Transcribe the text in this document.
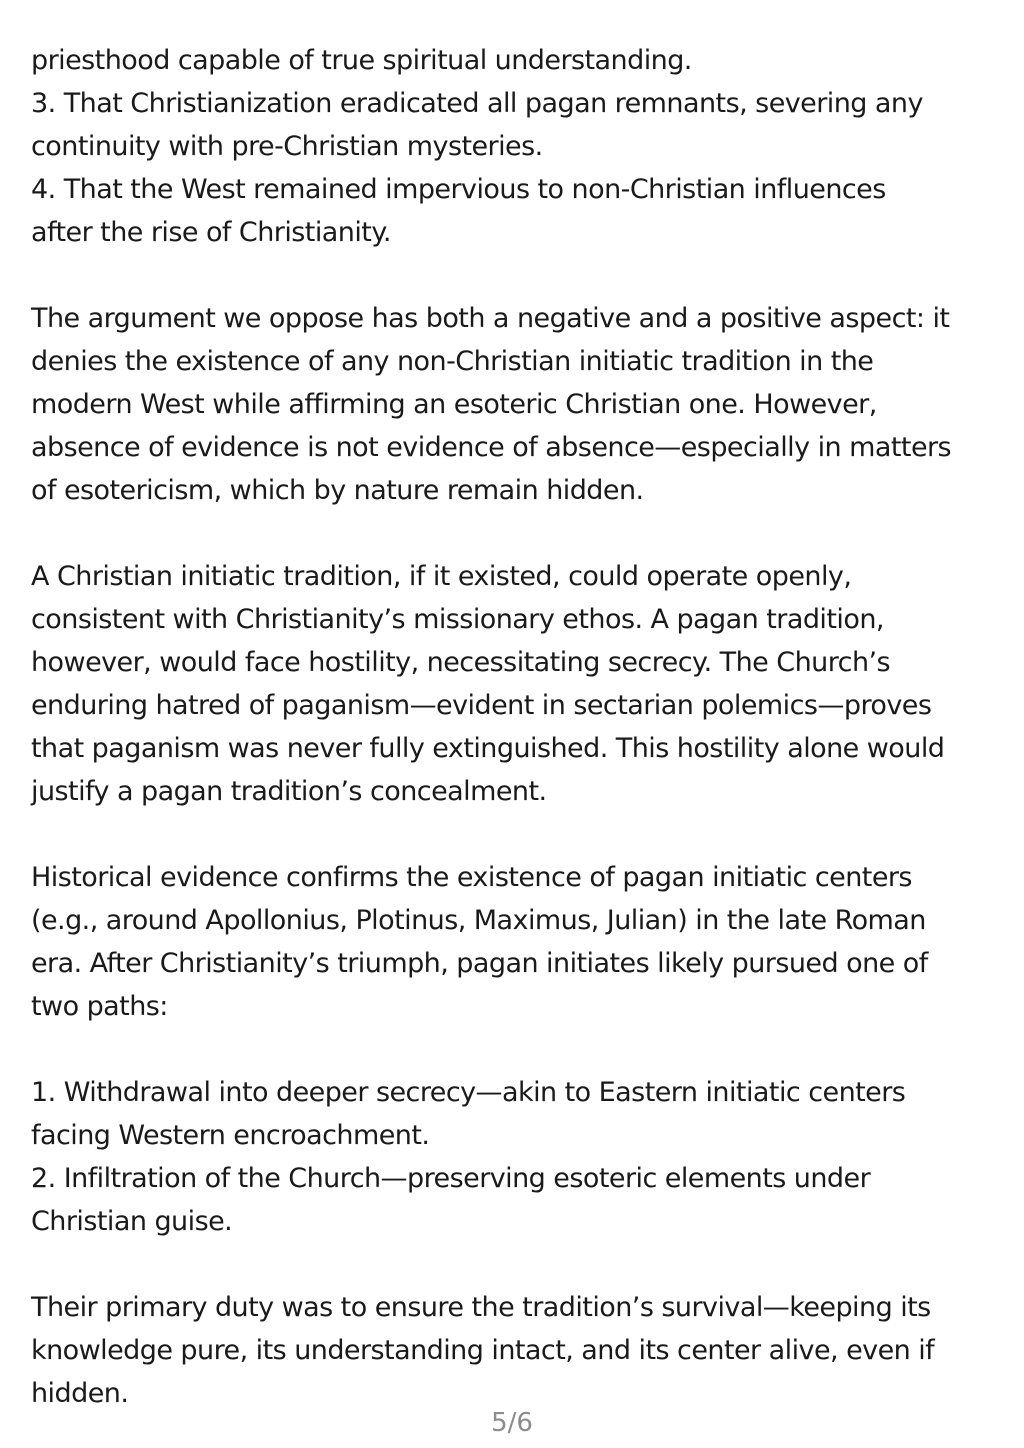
priesthood capable of true spiritual understanding.
3. That Christianization eradicated all pagan remnants, severing any
continuity with pre-Christian mysteries.
4. That the West remained impervious to non-Christian influences
after the rise of Christianity.
The argument we oppose has both a negative and a positive aspect: it
denies the existence of any non-Christian initiatic tradition in the
modern West while affirming an esoteric Christian one. However,
absence of evidence is not evidence of absence—especially in matters
of esotericism, which by nature remain hidden.
A Christian initiatic tradition, if it existed, could operate openly,
consistent with Christianity’s missionary ethos. A pagan tradition,
however, would face hostility, necessitating secrecy. The Church’s
enduring hatred of paganism—evident in sectarian polemics—proves
that paganism was never fully extinguished. This hostility alone would
justify a pagan tradition’s concealment.
Historical evidence confirms the existence of pagan initiatic centers
(e.g., around Apollonius, Plotinus, Maximus, Julian) in the late Roman
era. After Christianity’s triumph, pagan initiates likely pursued one of
two paths:
1. Withdrawal into deeper secrecy—akin to Eastern initiatic centers
facing Western encroachment.
2. Infiltration of the Church—preserving esoteric elements under
Christian guise.
Their primary duty was to ensure the tradition’s survival—keeping its
knowledge pure, its understanding intact, and its center alive, even if
hidden.
5/6
